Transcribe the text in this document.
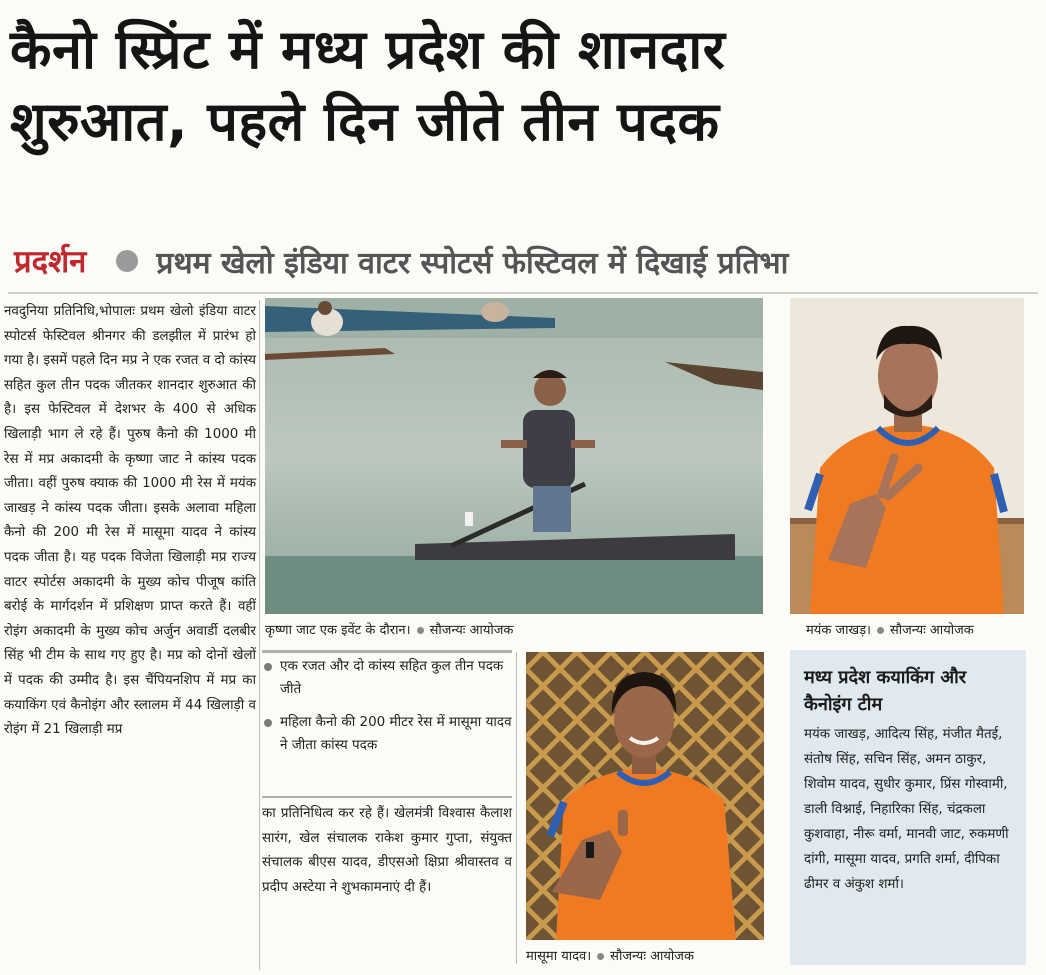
कैनो स्प्रिंट में मध्य प्रदेश की शानदार
शुरुआत, पहले दिन जीते तीन पदक
प्रदर्शन प्रथम खेलो इंडिया वाटर स्पोटर्स फेस्टिवल में दिखाई प्रतिभा
नवदुनिया प्रतिनिधि,भोपालः प्रथम खेलो इंडिया वाटर स्पोटर्स फेस्टिवल श्रीनगर की डलझील में प्रारंभ हो गया है। इसमें पहले दिन मप्र ने एक रजत व दो कांस्य सहित कुल तीन पदक जीतकर शानदार शुरुआत की है। इस फेस्टिवल में देशभर के 400 से अधिक खिलाड़ी भाग ले रहे हैं। पुरुष कैनो की 1000 मी रेस में मप्र अकादमी के कृष्णा जाट ने कांस्य पदक जीता। वहीं पुरुष क्याक की 1000 मी रेस में मयंक जाखड़ ने कांस्य पदक जीता। इसके अलावा महिला कैनो की 200 मी रेस में मासूमा यादव ने कांस्य पदक जीता है। यह पदक विजेता खिलाड़ी मप्र राज्य वाटर स्पोर्टस अकादमी के मुख्य कोच पीजूष कांति बरोई के मार्गदर्शन में प्रशिक्षण प्राप्त करते हैं। वहीं रोइंग अकादमी के मुख्य कोच अर्जुन अवार्डी दलबीर सिंह भी टीम के साथ गए हुए है। मप्र को दोनों खेलों में पदक की उम्मीद है। इस चैंपियनशिप में मप्र का कयाकिंग एवं कैनोइंग और स्लालम में 44 खिलाड़ी व रोइंग में 21 खिलाड़ी मप्र
कृष्णा जाट एक इवेंट के दौरान। सौजन्यः आयोजक	मयंक जाखड़। सौजन्यः आयोजक
एक रजत और दो कांस्य सहित कुल तीन पदक जीते
महिला कैनो की 200 मीटर रेस में मासूमा यादव ने जीता कांस्य पदक
का प्रतिनिधित्व कर रहे हैं। खेलमंत्री विश्वास कैलाश सारंग, खेल संचालक राकेश कुमार गुप्ता, संयुक्त संचालक बीएस यादव, डीएसओ क्षिप्रा श्रीवास्तव व प्रदीप अस्टेया ने शुभकामनाएं दी हैं।
मासूमा यादव। सौजन्यः आयोजक
मध्य प्रदेश कयाकिंग और कैनोइंग टीम
मयंक जाखड़, आदित्य सिंह, मंजीत मैतई, संतोष सिंह, सचिन सिंह, अमन ठाकुर, शिवोम यादव, सुधीर कुमार, प्रिंस गोस्वामी, डाली विश्नाई, निहारिका सिंह, चंद्रकला कुशवाहा, नीरू वर्मा, मानवी जाट, रुकमणी दांगी, मासूमा यादव, प्रगति शर्मा, दीपिका ढीमर व अंकुश शर्मा।
